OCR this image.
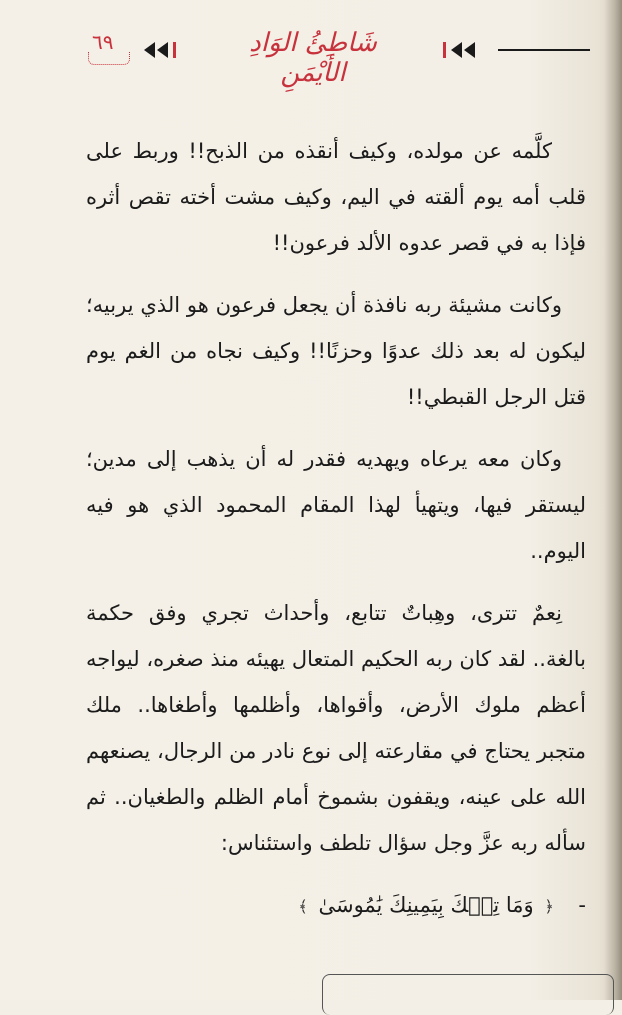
٦٩	شَاطِئُ الوَادِ الأيْمَنِ

كلَّمه عن مولده، وكيف أنقذه من الذبح!! وربط على قلب أمه يوم ألقته في اليم، وكيف مشت أخته تقص أثره فإذا به في قصر عدوه الألد فرعون!!

وكانت مشيئة ربه نافذة أن يجعل فرعون هو الذي يربيه؛ ليكون له بعد ذلك عدوًا وحزنًا!! وكيف نجاه من الغم يوم قتل الرجل القبطي!!

وكان معه يرعاه ويهديه فقدر له أن يذهب إلى مدين؛ ليستقر فيها، ويتهيأ لهذا المقام المحمود الذي هو فيه اليوم..

نِعمٌ تترى، وهِباتٌ تتابع، وأحداث تجري وفق حكمة بالغة.. لقد كان ربه الحكيم المتعال يهيئه منذ صغره، ليواجه أعظم ملوك الأرض، وأقواها، وأظلمها وأطغاها.. ملك متجبر يحتاج في مقارعته إلى نوع نادر من الرجال، يصنعهم الله على عينه، ويقفون بشموخ أمام الظلم والطغيان.. ثم سأله ربه عزَّ وجل سؤال تلطف واستئناس:

- ﴿ وَمَا تِلۡكَ بِيَمِينِكَ يَٰمُوسَىٰ ﴾
